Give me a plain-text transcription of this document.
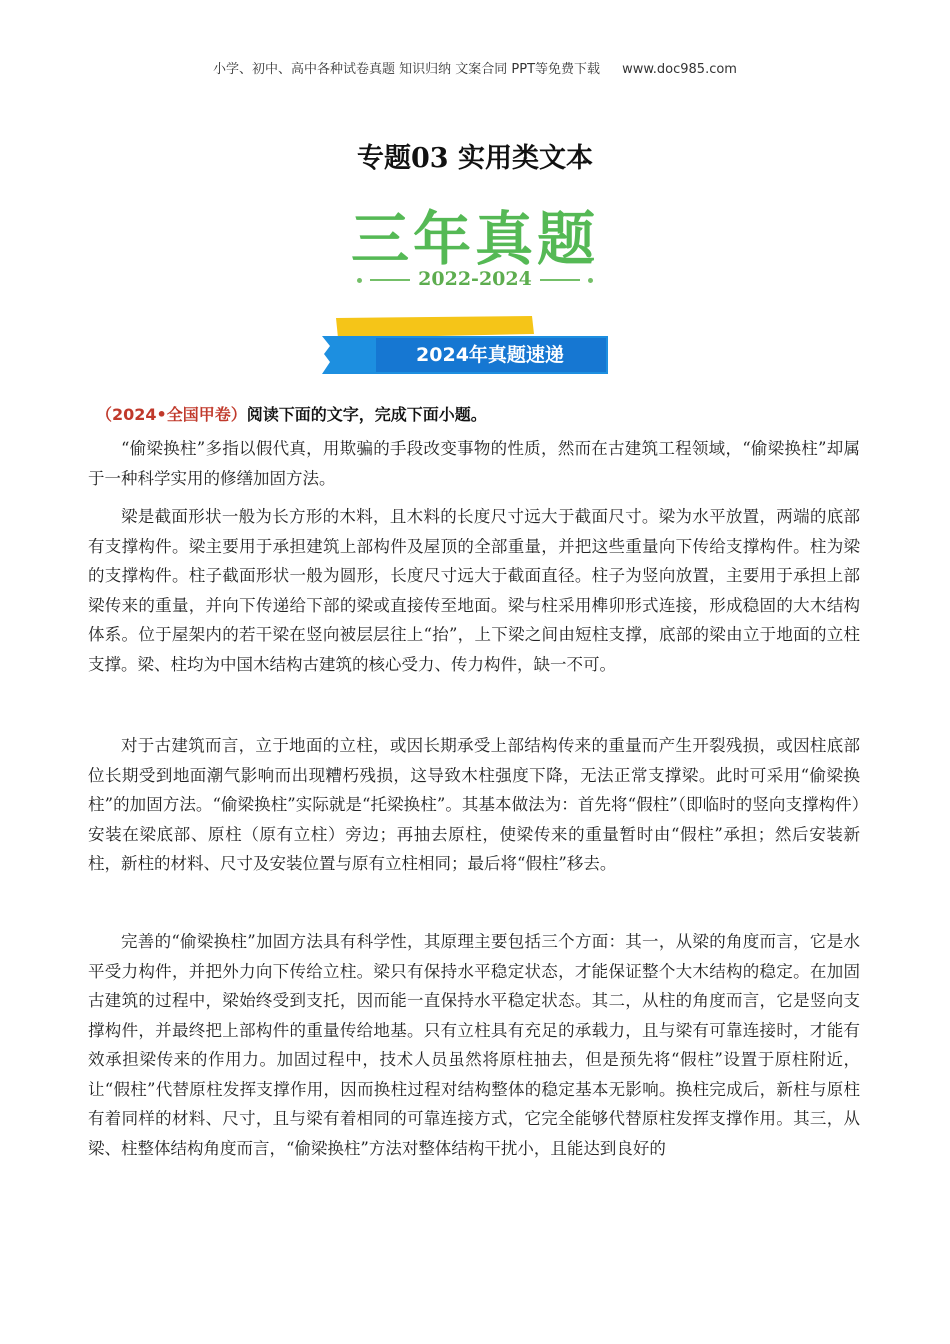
小学、初中、高中各种试卷真题 知识归纳 文案合同 PPT等免费下载 www.doc985.com
专题03 实用类文本
三年真题
2022-2024
2024年真题速递
（2024•全国甲卷）阅读下面的文字，完成下面小题。

“偷梁换柱”多指以假代真，用欺骗的手段改变事物的性质，然而在古建筑工程领域，“偷梁换柱”却属于一种科学实用的修缮加固方法。

梁是截面形状一般为长方形的木料，且木料的长度尺寸远大于截面尺寸。梁为水平放置，两端的底部有支撑构件。梁主要用于承担建筑上部构件及屋顶的全部重量，并把这些重量向下传给支撑构件。柱为梁的支撑构件。柱子截面形状一般为圆形，长度尺寸远大于截面直径。柱子为竖向放置，主要用于承担上部梁传来的重量，并向下传递给下部的梁或直接传至地面。梁与柱采用榫卯形式连接，形成稳固的大木结构体系。位于屋架内的若干梁在竖向被层层往上“抬”，上下梁之间由短柱支撑，底部的梁由立于地面的立柱支撑。梁、柱均为中国木结构古建筑的核心受力、传力构件，缺一不可。

对于古建筑而言，立于地面的立柱，或因长期承受上部结构传来的重量而产生开裂残损，或因柱底部位长期受到地面潮气影响而出现糟朽残损，这导致木柱强度下降，无法正常支撑梁。此时可采用“偷梁换柱”的加固方法。“偷梁换柱”实际就是“托梁换柱”。其基本做法为：首先将“假柱”（即临时的竖向支撑构件）安装在梁底部、原柱（原有立柱）旁边；再抽去原柱，使梁传来的重量暂时由“假柱”承担；然后安装新柱，新柱的材料、尺寸及安装位置与原有立柱相同；最后将“假柱”移去。

完善的“偷梁换柱”加固方法具有科学性，其原理主要包括三个方面：其一，从梁的角度而言，它是水平受力构件，并把外力向下传给立柱。梁只有保持水平稳定状态，才能保证整个大木结构的稳定。在加固古建筑的过程中，梁始终受到支托，因而能一直保持水平稳定状态。其二，从柱的角度而言，它是竖向支撑构件，并最终把上部构件的重量传给地基。只有立柱具有充足的承载力，且与梁有可靠连接时，才能有效承担梁传来的作用力。加固过程中，技术人员虽然将原柱抽去，但是预先将“假柱”设置于原柱附近，让“假柱”代替原柱发挥支撑作用，因而换柱过程对结构整体的稳定基本无影响。换柱完成后，新柱与原柱有着同样的材料、尺寸，且与梁有着相同的可靠连接方式，它完全能够代替原柱发挥支撑作用。其三，从梁、柱整体结构角度而言，“偷梁换柱”方法对整体结构干扰小，且能达到良好的
